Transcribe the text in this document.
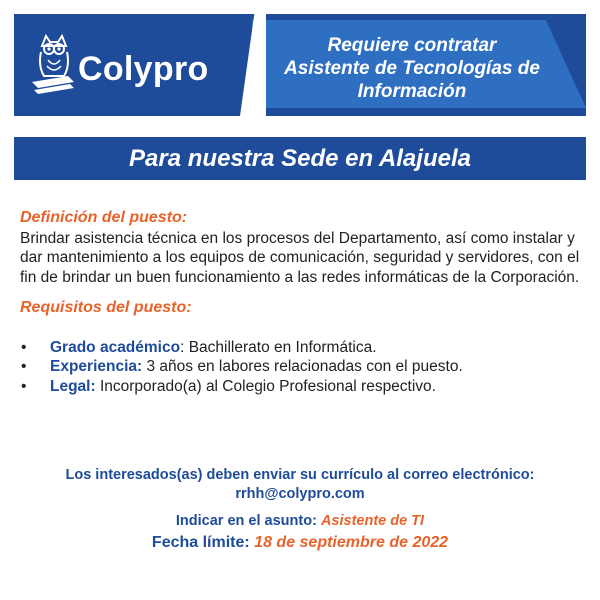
Colypro
Requiere contratar
Asistente de Tecnologías de
Información
Para nuestra Sede en Alajuela
Definición del puesto:
Brindar asistencia técnica en los procesos del Departamento, así como instalar y dar mantenimiento a los equipos de comunicación, seguridad y servidores, con el fin de brindar un buen funcionamiento a las redes informáticas de la Corporación.
Requisitos del puesto:
• Grado académico: Bachillerato en Informática.
• Experiencia: 3 años en labores relacionadas con el puesto.
• Legal: Incorporado(a) al Colegio Profesional respectivo.
Los interesados(as) deben enviar su currículo al correo electrónico:
rrhh@colypro.com
Indicar en el asunto: Asistente de TI
Fecha límite: 18 de septiembre de 2022
